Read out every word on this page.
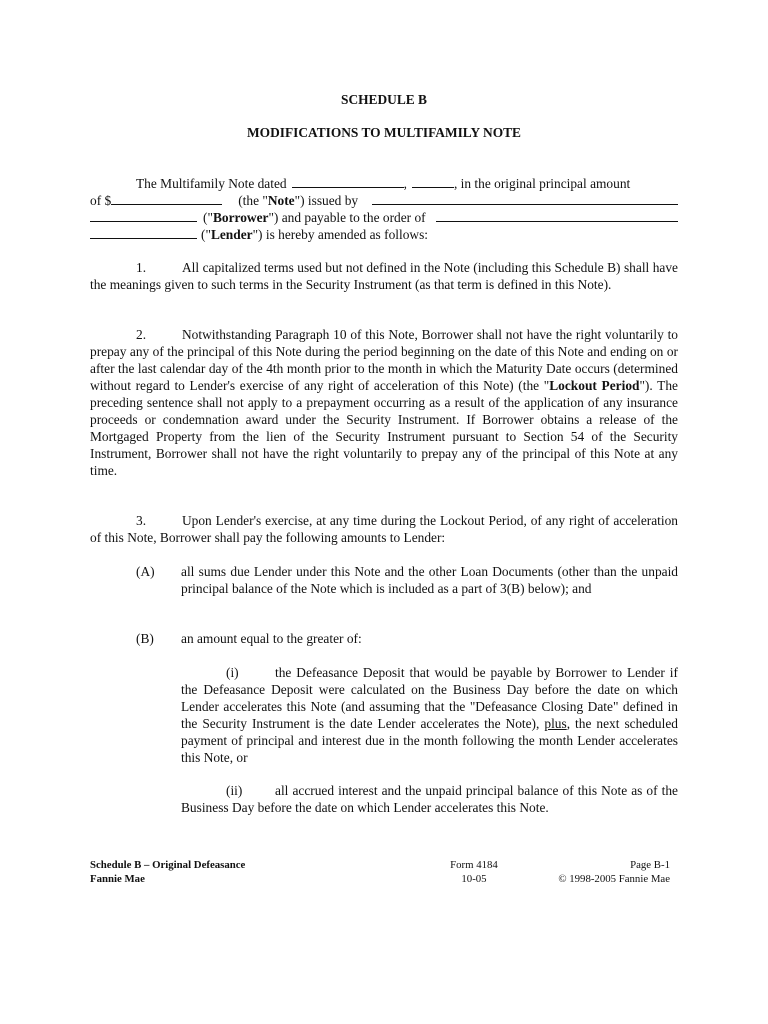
SCHEDULE B
MODIFICATIONS TO MULTIFAMILY NOTE
The Multifamily Note dated	,	, in the original principal amount
of $	(the " Note ") issued by
(" Borrower ") and payable to the order of
(" Lender ") is hereby amended as follows:
1.	All capitalized terms used but not defined in the Note (including this Schedule B) shall have the meanings given to such terms in the Security Instrument (as that term is defined in this Note).
2.	Notwithstanding Paragraph 10 of this Note, Borrower shall not have the right voluntarily to prepay any of the principal of this Note during the period beginning on the date of this Note and ending on or after the last calendar day of the 4th month prior to the month in which the Maturity Date occurs (determined without regard to Lender's exercise of any right of acceleration of this Note) (the "Lockout Period"). The preceding sentence shall not apply to a prepayment occurring as a result of the application of any insurance proceeds or condemnation award under the Security Instrument. If Borrower obtains a release of the Mortgaged Property from the lien of the Security Instrument pursuant to Section 54 of the Security Instrument, Borrower shall not have the right voluntarily to prepay any of the principal of this Note at any time.
3.	Upon Lender's exercise, at any time during the Lockout Period, of any right of acceleration of this Note, Borrower shall pay the following amounts to Lender:
(A)	all sums due Lender under this Note and the other Loan Documents (other than the unpaid principal balance of the Note which is included as a part of 3(B) below); and
(B)	an amount equal to the greater of:
(i)	the Defeasance Deposit that would be payable by Borrower to Lender if the Defeasance Deposit were calculated on the Business Day before the date on which Lender accelerates this Note (and assuming that the "Defeasance Closing Date" defined in the Security Instrument is the date Lender accelerates the Note), plus, the next scheduled payment of principal and interest due in the month following the month Lender accelerates this Note, or
(ii) all accrued interest and the unpaid principal balance of this Note as of the Business Day before the date on which Lender accelerates this Note.
Schedule B – Original Defeasance
Fannie Mae
Form 4184
10-05
Page B-1
© 1998-2005 Fannie Mae
